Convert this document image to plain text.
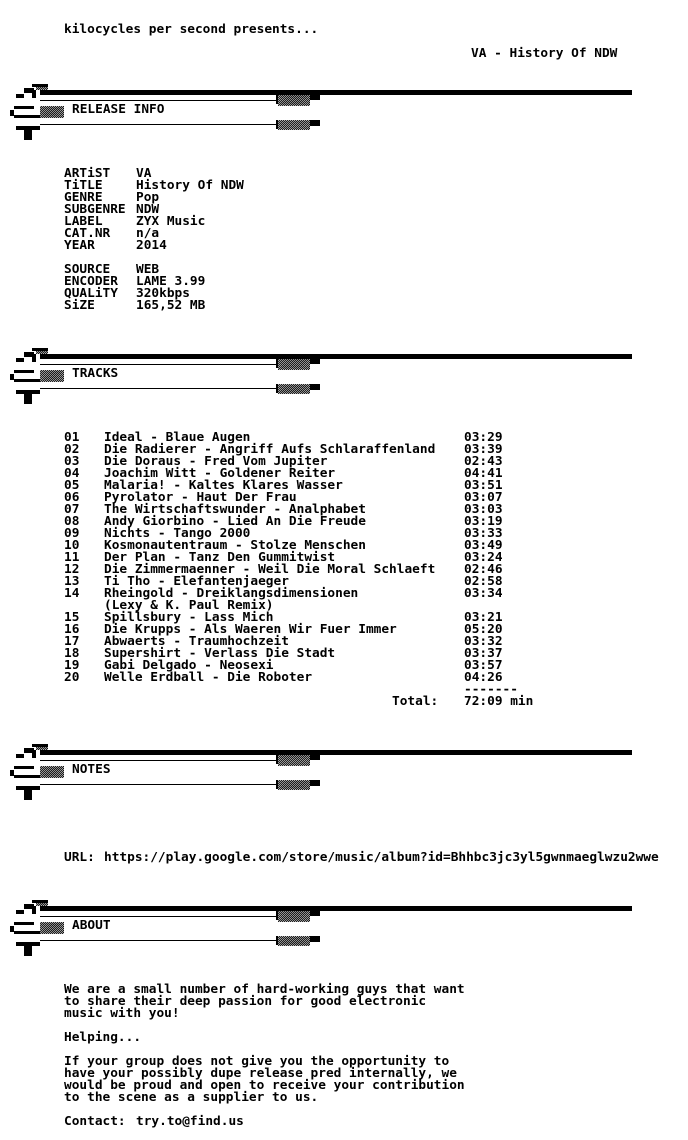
kilocycles per second presents...
VA - History Of NDW
RELEASE INFO
TRACKS
NOTES
ABOUT
ARTiST VA
TiTLE	History Of NDW
GENRE	Pop
SUBGENRE NDW
LABEL	ZYX Music
CAT.NR n/a
YEAR	2014
SOURCE WEB
ENCODER LAME 3.99
QUALiTY 320kbps
SiZE	165,52 MB
01 Ideal - Blaue Augen	03:29
02 Die Radierer - Angriff Aufs Schlaraffenland 03:39
03 Die Doraus - Fred Vom Jupiter	02:43
04 Joachim Witt - Goldener Reiter	04:41
05 Malaria! - Kaltes Klares Wasser	03:51
06 Pyrolator - Haut Der Frau	03:07
07 The Wirtschaftswunder - Analphabet	03:03
08 Andy Giorbino - Lied An Die Freude	03:19
09 Nichts - Tango 2000	03:33
10 Kosmonautentraum - Stolze Menschen	03:49
11 Der Plan - Tanz Den Gummitwist	03:24
12 Die Zimmermaenner - Weil Die Moral Schlaeft 02:46
13 Ti Tho - Elefantenjaeger	02:58
14 Rheingold - Dreiklangsdimensionen	03:34
(Lexy & K. Paul Remix)
15 Spillsbury - Lass Mich	03:21
16 Die Krupps - Als Waeren Wir Fuer Immer	05:20
17 Abwaerts - Traumhochzeit	03:32
18 Supershirt - Verlass Die Stadt	03:37
19 Gabi Delgado - Neosexi	03:57
20 Welle Erdball - Die Roboter	04:26
-------
Total: 72:09 min
URL: https://play.google.com/store/music/album?id=Bhhbc3jc3yl5gwnmaeglwzu2wwe
We are a small number of hard-working guys that want
to share their deep passion for good electronic
music with you!
Helping...
If your group does not give you the opportunity to
have your possibly dupe release pred internally, we
would be proud and open to receive your contribution
to the scene as a supplier to us.
Contact: try.to@find.us
